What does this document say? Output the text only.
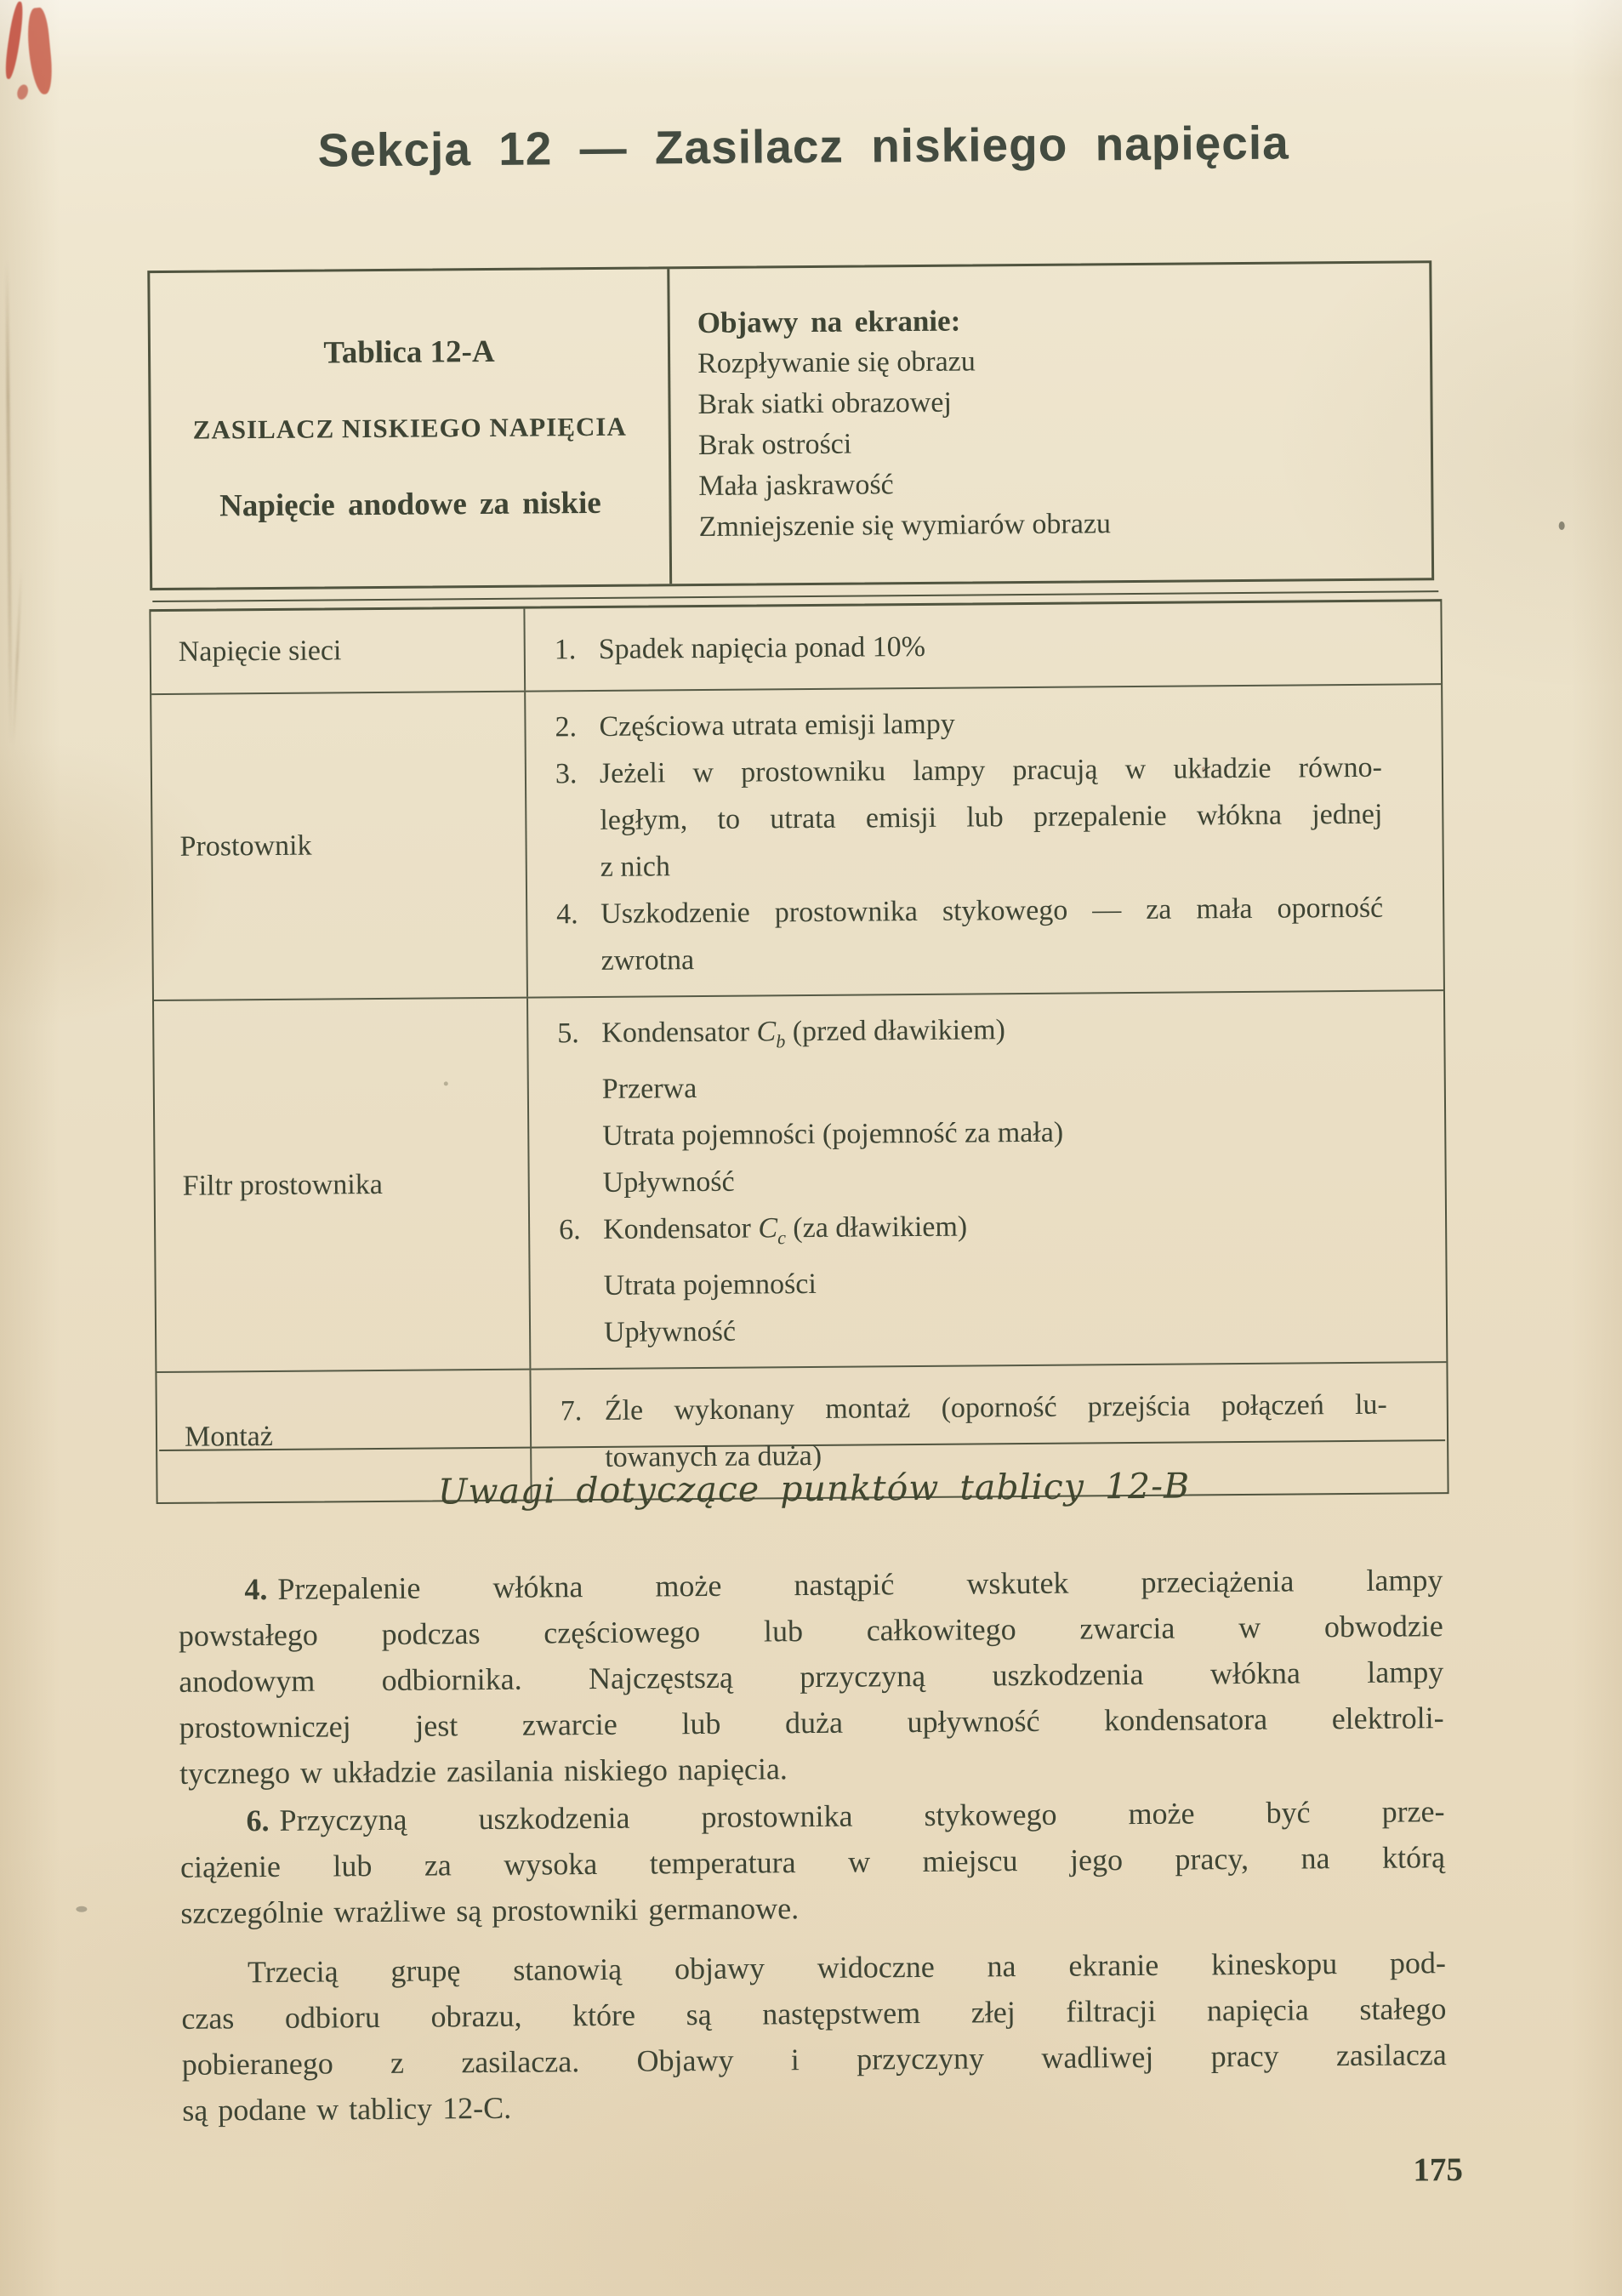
Sekcja 12 — Zasilacz niskiego napięcia
Tablica 12-A
ZASILACZ NISKIEGO NAPIĘCIA
Napięcie anodowe za niskie
Objawy na ekranie:
Rozpływanie się obrazu
Brak siatki obrazowej
Brak ostrości
Mała jaskrawość
Zmniejszenie się wymiarów obrazu
Napięcie sieci	1. Spadek napięcia ponad 10%
Prostownik
2. Częściowa utrata emisji lampy
3. Jeżeli w prostowniku lampy pracują w układzie równo-
ległym, to utrata emisji lub przepalenie włókna jednej
z nich
4. Uszkodzenie prostownika stykowego — za mała oporność
zwrotna
Filtr prostownika
5. Kondensator $C_b$ (przed dławikiem)
Przerwa
Utrata pojemności (pojemność za mała)
Upływność
6. Kondensator $C_c$ (za dławikiem)
Utrata pojemności
Upływność
Montaż
7. Źle wykonany montaż (oporność przejścia połączeń lu-
towanych za duża)
Uwagi dotyczące punktów tablicy 12-B
4. Przepalenie włókna może nastąpić wskutek przeciążenia lampy
powstałego podczas częściowego lub całkowitego zwarcia w obwodzie
anodowym odbiornika. Najczęstszą przyczyną uszkodzenia włókna lampy
prostowniczej jest zwarcie lub duża upływność kondensatora elektroli-
tycznego w układzie zasilania niskiego napięcia.
6. Przyczyną uszkodzenia prostownika stykowego może być prze-
ciążenie lub za wysoka temperatura w miejscu jego pracy, na którą
szczególnie wrażliwe są prostowniki germanowe.
Trzecią grupę stanowią objawy widoczne na ekranie kineskopu pod-
czas odbioru obrazu, które są następstwem złej filtracji napięcia stałego
pobieranego z zasilacza. Objawy i przyczyny wadliwej pracy zasilacza
są podane w tablicy 12-C.
175
